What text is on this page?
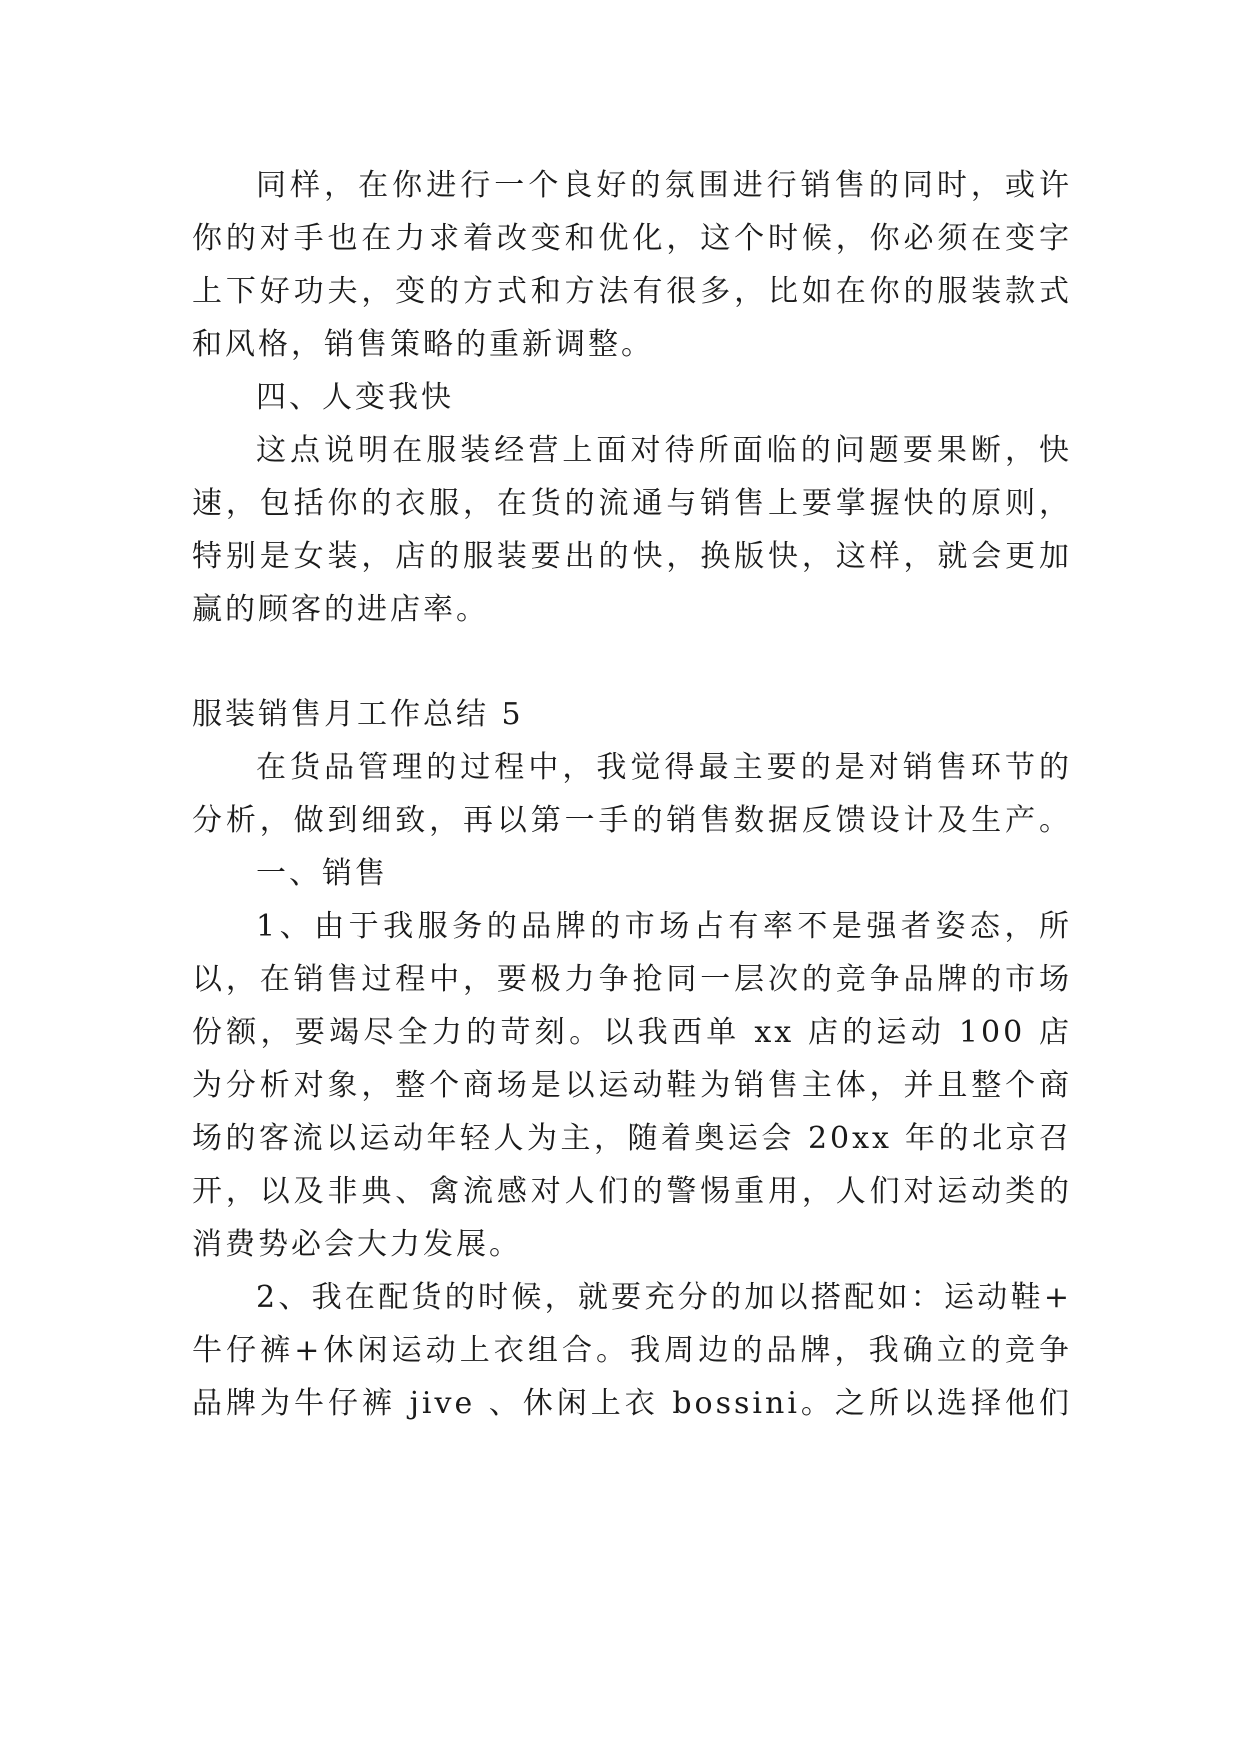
同样，在你进行一个良好的氛围进行销售的同时，或许
你的对手也在力求着改变和优化，这个时候，你必须在变字
上下好功夫，变的方式和方法有很多，比如在你的服装款式
和风格，销售策略的重新调整。
四、人变我快
这点说明在服装经营上面对待所面临的问题要果断，快
速，包括你的衣服，在货的流通与销售上要掌握快的原则，
特别是女装，店的服装要出的快，换版快，这样，就会更加
赢的顾客的进店率。
服装销售月工作总结 5
在货品管理的过程中，我觉得最主要的是对销售环节的
分析，做到细致，再以第一手的销售数据反馈设计及生产。
一、销售
1、由于我服务的品牌的市场占有率不是强者姿态，所
以，在销售过程中，要极力争抢同一层次的竞争品牌的市场
份额，要竭尽全力的苛刻。以我西单 xx 店的运动 100 店
为分析对象，整个商场是以运动鞋为销售主体，并且整个商
场的客流以运动年轻人为主，随着奥运会 20xx 年的北京召
开，以及非典、禽流感对人们的警惕重用，人们对运动类的
消费势必会大力发展。
2、我在配货的时候，就要充分的加以搭配如：运动鞋+
牛仔裤+休闲运动上衣组合。我周边的品牌，我确立的竞争
品牌为牛仔裤 jive 、休闲上衣 bossini。之所以选择他们
